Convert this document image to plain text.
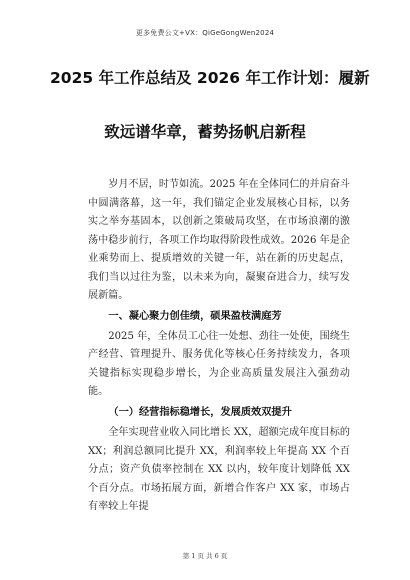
更多免费公文+VX：QiGeGongWen2024
2025 年工作总结及 2026 年工作计划：履新
致远谱华章，蓄势扬帆启新程

岁月不居，时节如流。2025 年在全体同仁的并肩奋斗中圆满落幕，这一年，我们锚定企业发展核心目标，以务实之举夯基固本，以创新之策破局攻坚，在市场浪潮的激荡中稳步前行，各项工作均取得阶段性成效。2026 年是企业乘势而上、提质增效的关键一年，站在新的历史起点，我们当以过往为鉴，以未来为向，凝聚奋进合力，续写发展新篇。

一、凝心聚力创佳绩，硕果盈枝满庭芳

2025 年，全体员工心往一处想、劲往一处使，围绕生产经营、管理提升、服务优化等核心任务持续发力，各项关键指标实现稳步增长，为企业高质量发展注入强劲动能。

（一）经营指标稳增长，发展质效双提升

全年实现营业收入同比增长 XX，超额完成年度目标的 XX；利润总额同比提升 XX，利润率较上年提高 XX 个百分点；资产负债率控制在 XX 以内，较年度计划降低 XX 个百分点。市场拓展方面，新增合作客户 XX 家，市场占有率较上年提

第 1 页 共 6 页
